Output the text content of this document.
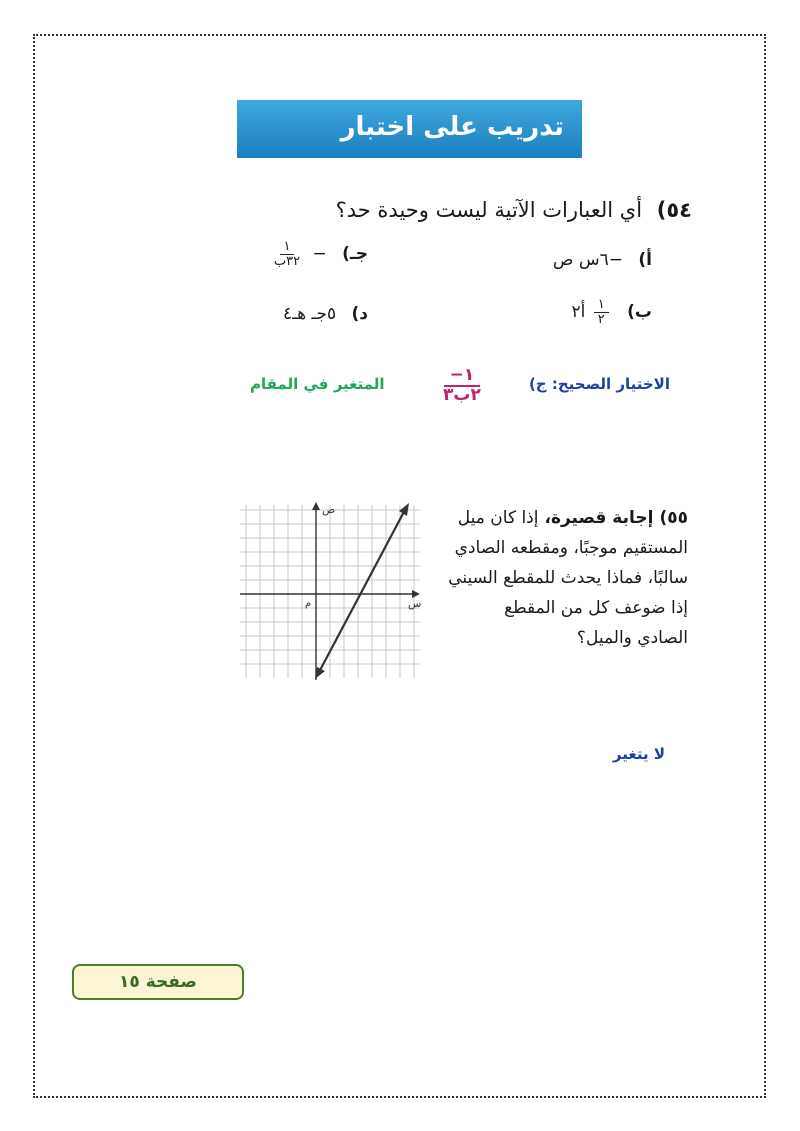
تدريب على اختبار
٥٤) أي العبارات الآتية ليست وحيدة حد؟
أ) −٦س ص
جـ) −
$\frac{١}{\text{٣٢ب}}$
ب)
$\frac{١}{٢}$
أ٢
د) ٥جـ هـ٤
الاختيار الصحيح: ج)
−١
٢ب٣
المتغير في المقام
٥٥)إجابة قصيرة،إذا كان ميل المستقيم موجبًا، ومقطعه الصادي سالبًا، فماذا يحدث للمقطع السيني إذا ضوعف كل من المقطع الصادي والميل؟
ص
س
م
لا يتغير
صفحة ١٥
